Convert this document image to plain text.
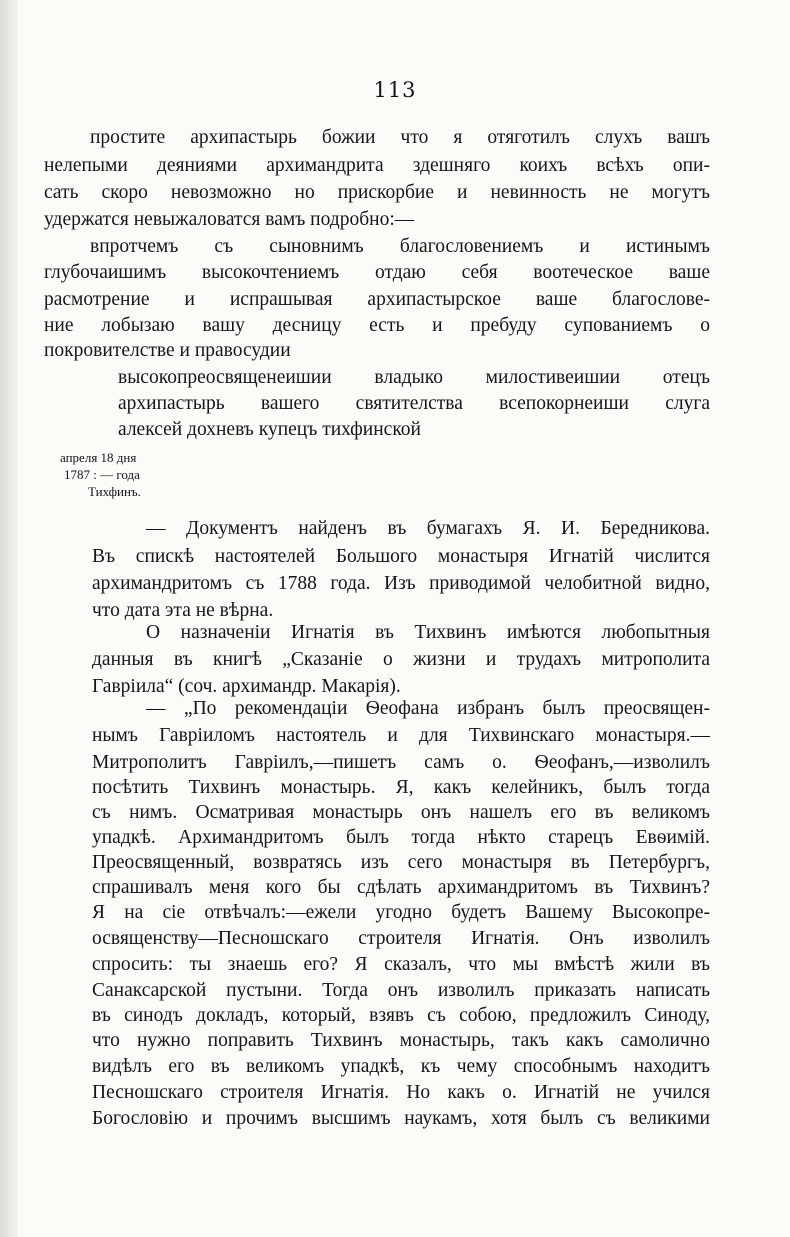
113
простите архипастырь божии что я отяготилъ слухъ вашъ
нелепыми деяниями архимандрита здешняго коихъ всѣхъ опи-
сать скоро невозможно но прискорбие и невинность не могутъ
удержатся невыжаловатся вамъ подробно:—
впротчемъ съ сыновнимъ благословениемъ и истинымъ
глубочаишимъ высокочтениемъ отдаю себя воотеческое ваше
расмотрение и испрашывая архипастырское ваше благослове-
ние лобызаю вашу десницу есть и пребуду сyпованиемъ о
покровителстве и правосудии
высокопреосвященеишии владыко милостивеишии отецъ
архипастырь вашего святителства всепокорнеиши слуга
алексей дохневъ купецъ тихфинской
апреля 18 дня
1787 : — года
Тихфинъ.
— Документъ найденъ въ бумагахъ Я. И. Бередникова.
Въ спискѣ настоятелей Большого монастыря Игнатій числится
архимандритомъ съ 1788 года. Изъ приводимой челобитной видно,
что дата эта не вѣрна.
О назначеніи Игнатія въ Тихвинъ имѣются любопытныя
данныя въ книгѣ „Сказаніе о жизни и трудахъ митрополита
Гавріила“ (соч. архимандр. Макарія).
— „По рекомендаціи Ѳеофана избранъ былъ преосвящен-
нымъ Гавріиломъ настоятель и для Тихвинскаго монастыря.—
Митрополитъ Гавріилъ,—пишетъ самъ о. Ѳеофанъ,—изволилъ
посѣтить Тихвинъ монастырь. Я, какъ келейникъ, былъ тогда
съ нимъ. Осматривая монастырь онъ нашелъ его въ великомъ
упадкѣ. Архимандритомъ былъ тогда нѣкто старецъ Евѳимій.
Преосвященный, возвратясь изъ сего монастыря въ Петербургъ,
спрашивалъ меня кого бы сдѣлать архимандритомъ въ Тихвинъ?
Я на сіе отвѣчалъ:—ежели угодно будетъ Вашему Высокопре-
освященству—Песношскаго строителя Игнатія. Онъ изволилъ
спросить: ты знаешь его? Я сказалъ, что мы вмѣстѣ жили въ
Санаксарской пустыни. Тогда онъ изволилъ приказать написать
въ синодъ докладъ, который, взявъ съ собою, предложилъ Синоду,
что нужно поправить Тихвинъ монастырь, такъ какъ самолично
видѣлъ его въ великомъ упадкѣ, къ чему способнымъ находитъ
Песношскаго строителя Игнатія. Но какъ о. Игнатій не учился
Богословію и прочимъ высшимъ наукамъ, хотя былъ съ великими
